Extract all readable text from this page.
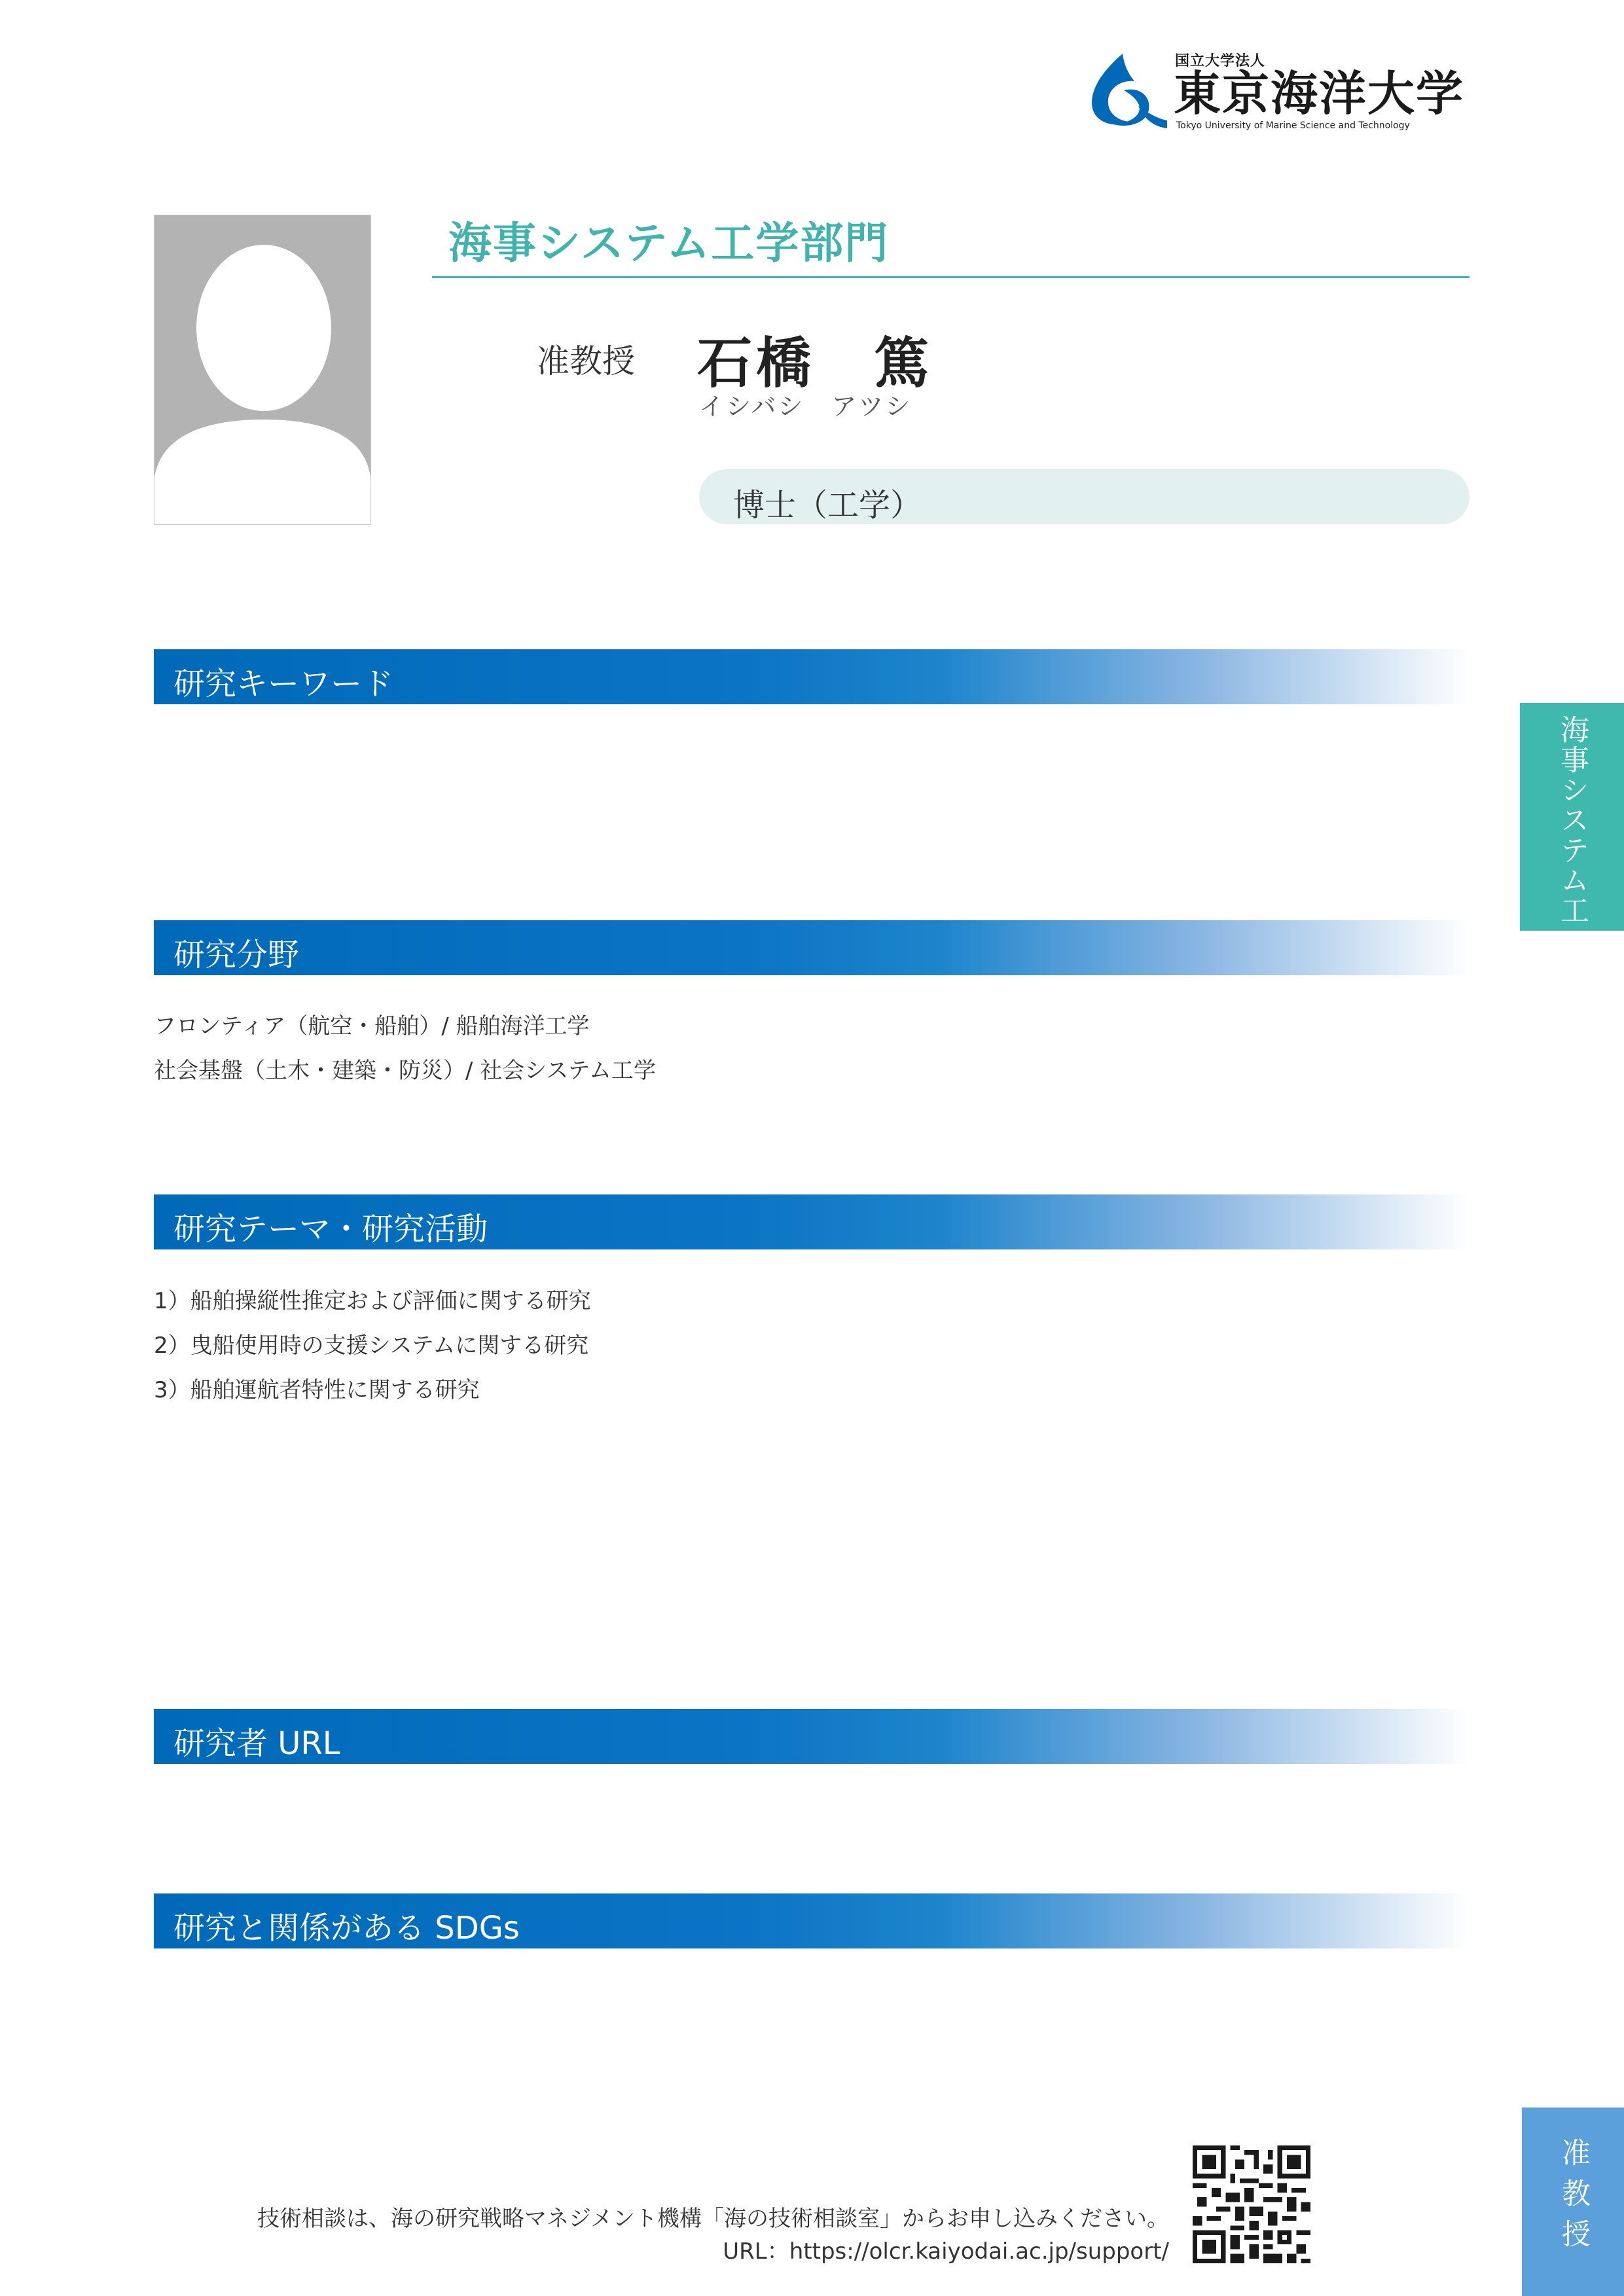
国立大学法人
東京海洋大学
Tokyo University of Marine Science and Technology
海事システム工学部門
准教授 石橋　篤
イシバシ　アツシ
博士（工学）
研究キーワード
研究分野
フロンティア（航空・船舶）/ 船舶海洋工学
社会基盤（土木・建築・防災）/ 社会システム工学
研究テーマ・研究活動
1）船舶操縦性推定および評価に関する研究
2）曳船使用時の支援システムに関する研究
3）船舶運航者特性に関する研究
研究者 URL
研究と関係がある SDGs
海事システム工学
准教授
技術相談は、海の研究戦略マネジメント機構「海の技術相談室」からお申し込みください。
URL：https://olcr.kaiyodai.ac.jp/support/
